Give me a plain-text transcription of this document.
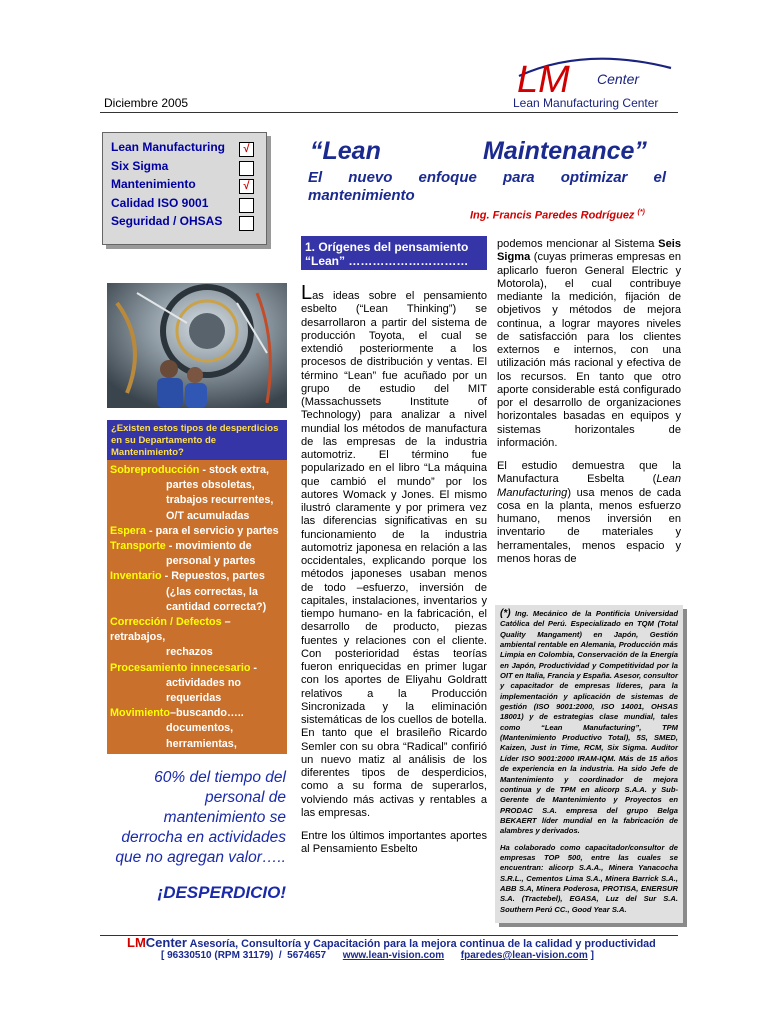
Diciembre 2005
LM Center
Lean Manufacturing Center
Lean Manufacturing	√
Six Sigma
Mantenimiento	√
Calidad ISO 9001
Seguridad / OHSAS
“Lean	Maintenance”
El nuevo enfoque para optimizar el mantenimiento
Ing. Francis Paredes Rodríguez (*)
¿Existen estos tipos de desperdicios en su Departamento de Mantenimiento?
Sobreproducción - stock extra,
partes obsoletas,
trabajos recurrentes,
O/T acumuladas
Espera - para el servicio y partes
Transporte - movimiento de
personal y partes
Inventario - Repuestos, partes
(¿las correctas, la
cantidad correcta?)
Corrección / Defectos – retrabajos,
rechazos
Procesamiento innecesario -
actividades no
requeridas
Movimiento–buscando…..
documentos,
herramientas, partes….
60% del tiempo del personal de mantenimiento se derrocha en actividades que no agregan valor…..
¡DESPERDICIO!
1. Orígenes del pensamiento “Lean” …………………………
Las ideas sobre el pensamiento esbelto (“Lean Thinking”) se desarrollaron a partir del sistema de producción Toyota, el cual se extendió posteriormente a los procesos de distribución y ventas. El término “Lean” fue acuñado por un grupo de estudio del MIT (Massachussets Institute of Technology) para analizar a nivel mundial los métodos de manufactura de las empresas de la industria automotriz. El término fue popularizado en el libro “La máquina que cambió el mundo” por los autores Womack y Jones. El mismo ilustró claramente y por primera vez las diferencias significativas en su funcionamiento de la industria automotriz japonesa en relación a las occidentales, explicando porque los métodos japoneses usaban menos de todo –esfuerzo, inversión de capitales, instalaciones, inventarios y tiempo humano- en la fabricación, el desarrollo de producto, piezas fuentes y relaciones con el cliente. Con posterioridad éstas teorías fueron enriquecidas en primer lugar con los aportes de Eliyahu Goldratt relativos a la Producción Sincronizada y la eliminación sistemáticas de los cuellos de botella. En tanto que el brasileño Ricardo Semler con su obra “Radical” confirió un nuevo matiz al análisis de los diferentes tipos de desperdicios, como a su forma de superarlos, volviendo más activas y rentables a las empresas.
Entre los últimos importantes aportes al Pensamiento Esbelto
podemos mencionar al Sistema Seis Sigma (cuyas primeras empresas en aplicarlo fueron General Electric y Motorola), el cual contribuye mediante la medición, fijación de objetivos y métodos de mejora continua, a lograr mayores niveles de satisfacción para los clientes externos e internos, con una utilización más racional y efectiva de los recursos. En tanto que otro aporte considerable está configurado por el desarrollo de organizaciones horizontales basadas en equipos y sistemas horizontales de información.
El estudio demuestra que la Manufactura Esbelta (Lean Manufacturing) usa menos de cada cosa en la planta, menos esfuerzo humano, menos inversión en inventario de materiales y herramentales, menos espacio y menos horas de
(*) Ing. Mecánico de la Pontificia Universidad Católica del Perú. Especializado en TQM (Total Quality Mangament) en Japón, Gestión ambiental rentable en Alemania, Producción más Limpia en Colombia, Conservación de la Energía en Japón, Productividad y Competitividad por la OIT en Italia, Francia y España. Asesor, consultor y capacitador de empresas líderes, para la implementación y aplicación de sistemas de gestión (ISO 9001:2000, ISO 14001, OHSAS 18001) y de estrategias clase mundial, tales como “Lean Manufacturing”, TPM (Mantenimiento Productivo Total), 5S, SMED, Kaizen, Just in Time, RCM, Six Sigma. Auditor Líder ISO 9001:2000 IRAM-IQM. Más de 15 años de experiencia en la industria. Ha sido Jefe de Mantenimiento y coordinador de mejora continua y de TPM en alicorp S.A.A. y Sub-Gerente de Mantenimiento y Proyectos en PRODAC S.A. empresa del grupo Belga BEKAERT líder mundial en la fabricación de alambres y derivados.
Ha colaborado como capacitador/consultor de empresas TOP 500, entre las cuales se encuentran: alicorp S.A.A., Minera Yanacocha S.R.L., Cementos Lima S.A., Minera Barrick S.A., ABB S.A, Minera Poderosa, PROTISA, ENERSUR S.A. (Tractebel), EGASA, Luz del Sur S.A. Southern Perú CC., Good Year S.A.
LMCenter Asesoría, Consultoría y Capacitación para la mejora continua de la calidad y productividad
[ 96330510 (RPM 31179)  /  5674657      www.lean-vision.com fparedes@lean-vision.com ]
